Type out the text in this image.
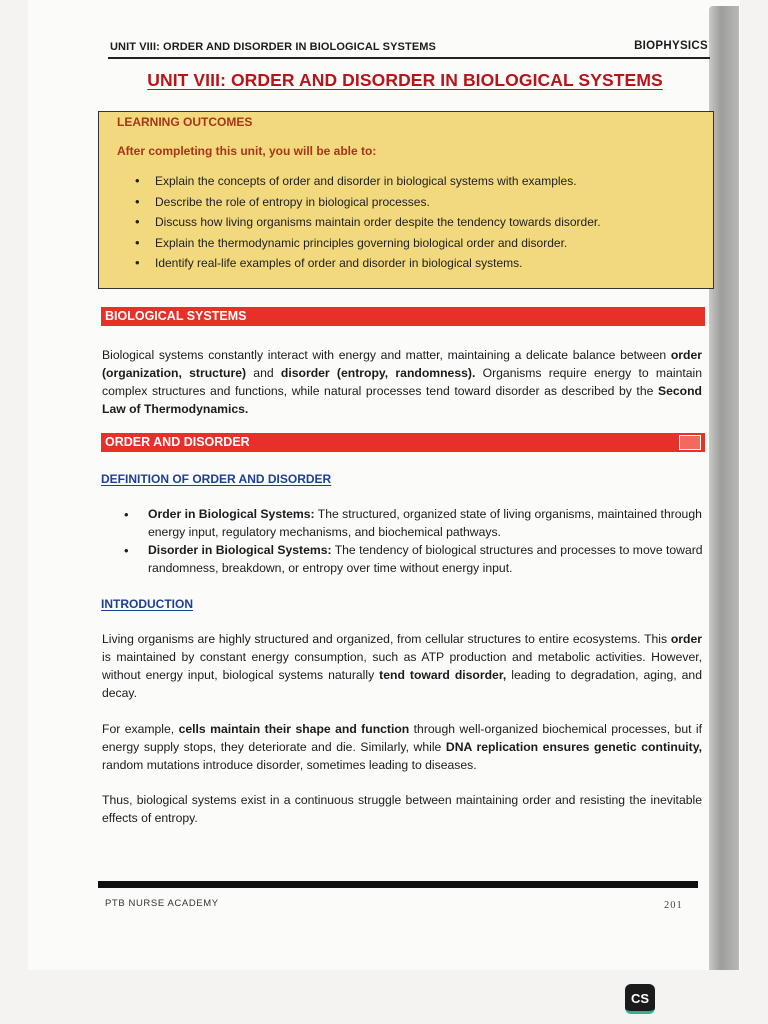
UNIT VIII: ORDER AND DISORDER IN BIOLOGICAL SYSTEMS	BIOPHYSICS
UNIT VIII: ORDER AND DISORDER IN BIOLOGICAL SYSTEMS
LEARNING OUTCOMES
After completing this unit, you will be able to:
• Explain the concepts of order and disorder in biological systems with examples.
• Describe the role of entropy in biological processes.
• Discuss how living organisms maintain order despite the tendency towards disorder.
• Explain the thermodynamic principles governing biological order and disorder.
• Identify real-life examples of order and disorder in biological systems.
BIOLOGICAL SYSTEMS

Biological systems constantly interact with energy and matter, maintaining a delicate balance between order (organization, structure) and disorder (entropy, randomness). Organisms require energy to maintain complex structures and functions, while natural processes tend toward disorder as described by the Second Law of Thermodynamics.

ORDER AND DISORDER
DEFINITION OF ORDER AND DISORDER
• Order in Biological Systems: The structured, organized state of living organisms, maintained through energy input, regulatory mechanisms, and biochemical pathways.
• Disorder in Biological Systems: The tendency of biological structures and processes to move toward randomness, breakdown, or entropy over time without energy input.
INTRODUCTION

Living organisms are highly structured and organized, from cellular structures to entire ecosystems. This order is maintained by constant energy consumption, such as ATP production and metabolic activities. However, without energy input, biological systems naturally tend toward disorder, leading to degradation, aging, and decay.

For example, cells maintain their shape and function through well-organized biochemical processes, but if energy supply stops, they deteriorate and die. Similarly, while DNA replication ensures genetic continuity, random mutations introduce disorder, sometimes leading to diseases.

Thus, biological systems exist in a continuous struggle between maintaining order and resisting the inevitable effects of entropy.

PTB NURSE ACADEMY	201
CS
